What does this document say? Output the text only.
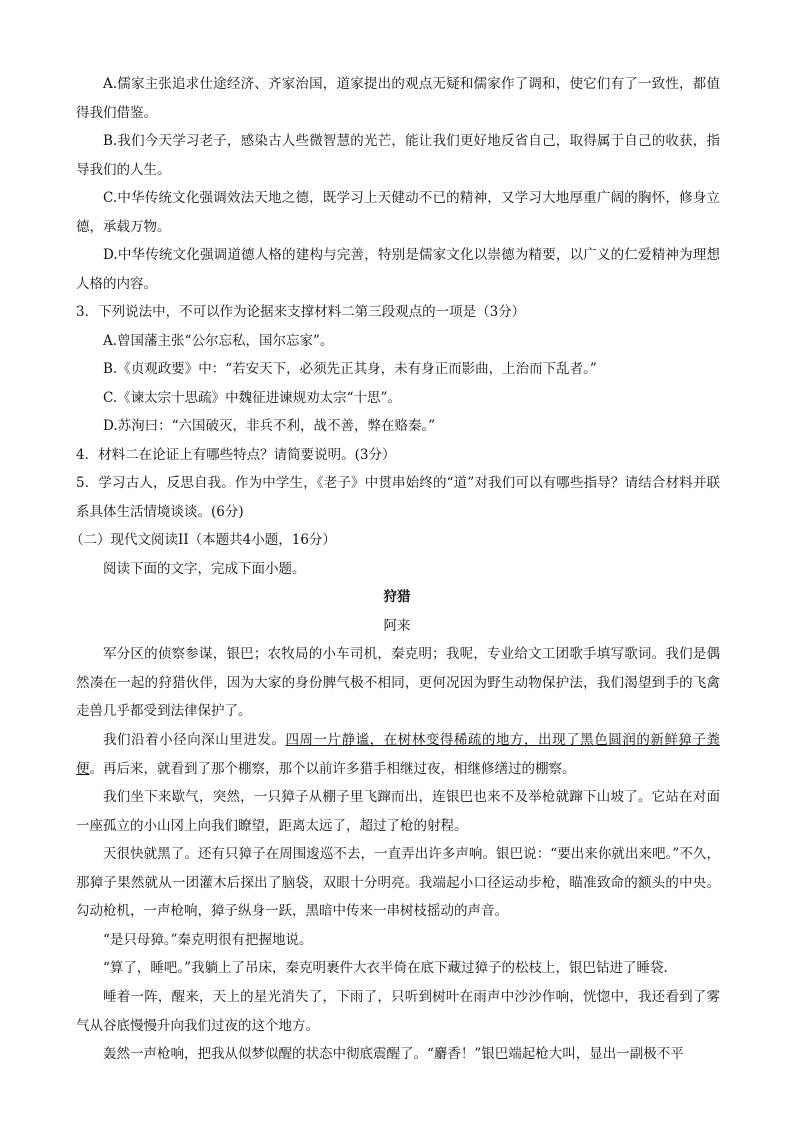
A.儒家主张追求仕途经济、齐家治国，道家提出的观点无疑和儒家作了调和，使它们有了一致性，都值得我们借鉴。

B.我们今天学习老子，感染古人些微智慧的光芒，能让我们更好地反省自己，取得属于自己的收获，指导我们的人生。

C.中华传统文化强调效法天地之德，既学习上天健动不已的精神，又学习大地厚重广阔的胸怀，修身立德，承载万物。

D.中华传统文化强调道德人格的建构与完善，特别是儒家文化以崇德为精要，以广义的仁爱精神为理想人格的内容。

3．下列说法中，不可以作为论据来支撑材料二第三段观点的一项是（3分）

A.曾国藩主张“公尔忘私，国尔忘家”。

B.《贞观政要》中：“若安天下，必须先正其身，未有身正而影曲，上治而下乱者。”

C.《谏太宗十思疏》中魏征进谏规劝太宗“十思”。

D.苏洵曰：“六国破灭，非兵不利，战不善，弊在赂秦。”

4．材料二在论证上有哪些特点？请简要说明。(3分）

5．学习古人，反思自我。作为中学生，《老子》中贯串始终的“道”对我们可以有哪些指导？请结合材料并联系具体生活情境谈谈。(6分)

（二）现代文阅读II（本题共4小题，16分）

阅读下面的文字，完成下面小题。

狩猎

阿来

军分区的侦察参谋，银巴；农牧局的小车司机，秦克明；我呢，专业给文工团歌手填写歌词。我们是偶然凑在一起的狩猎伙伴，因为大家的身份脾气极不相同，更何况因为野生动物保护法，我们渴望到手的飞禽走兽几乎都受到法律保护了。

我们沿着小径向深山里进发。四周一片静谧，在树林变得稀疏的地方，出现了黑色圆润的新鲜獐子粪便。再后来，就看到了那个棚察，那个以前许多猎手相继过夜，相继修缮过的棚察。

我们坐下来歇气，突然，一只獐子从棚子里飞蹿而出，连银巴也来不及举枪就蹿下山坡了。它站在对面一座孤立的小山冈上向我们瞭望，距离太远了，超过了枪的射程。

天很快就黑了。还有只獐子在周围逡巡不去，一直弄出许多声响。银巴说：“要出来你就出来吧。”不久，那獐子果然就从一团灌木后探出了脑袋，双眼十分明亮。我端起小口径运动步枪，瞄准致命的额头的中央。勾动枪机，一声枪响，獐子纵身一跃，黑暗中传来一串树枝摇动的声音。

“是只母獐。”秦克明很有把握地说。

“算了，睡吧。”我躺上了吊床，秦克明裹件大衣半倚在底下藏过獐子的松枝上，银巴钻进了睡袋.

唾着一阵，醒来，天上的星光消失了，下雨了，只听到树叶在雨声中沙沙作响，恍惚中，我还看到了雾气从谷底慢慢升向我们过夜的这个地方。

轰然一声枪响，把我从似梦似醒的状态中彻底震醒了。“麝香！”银巴端起枪大叫，显出一副极不平
